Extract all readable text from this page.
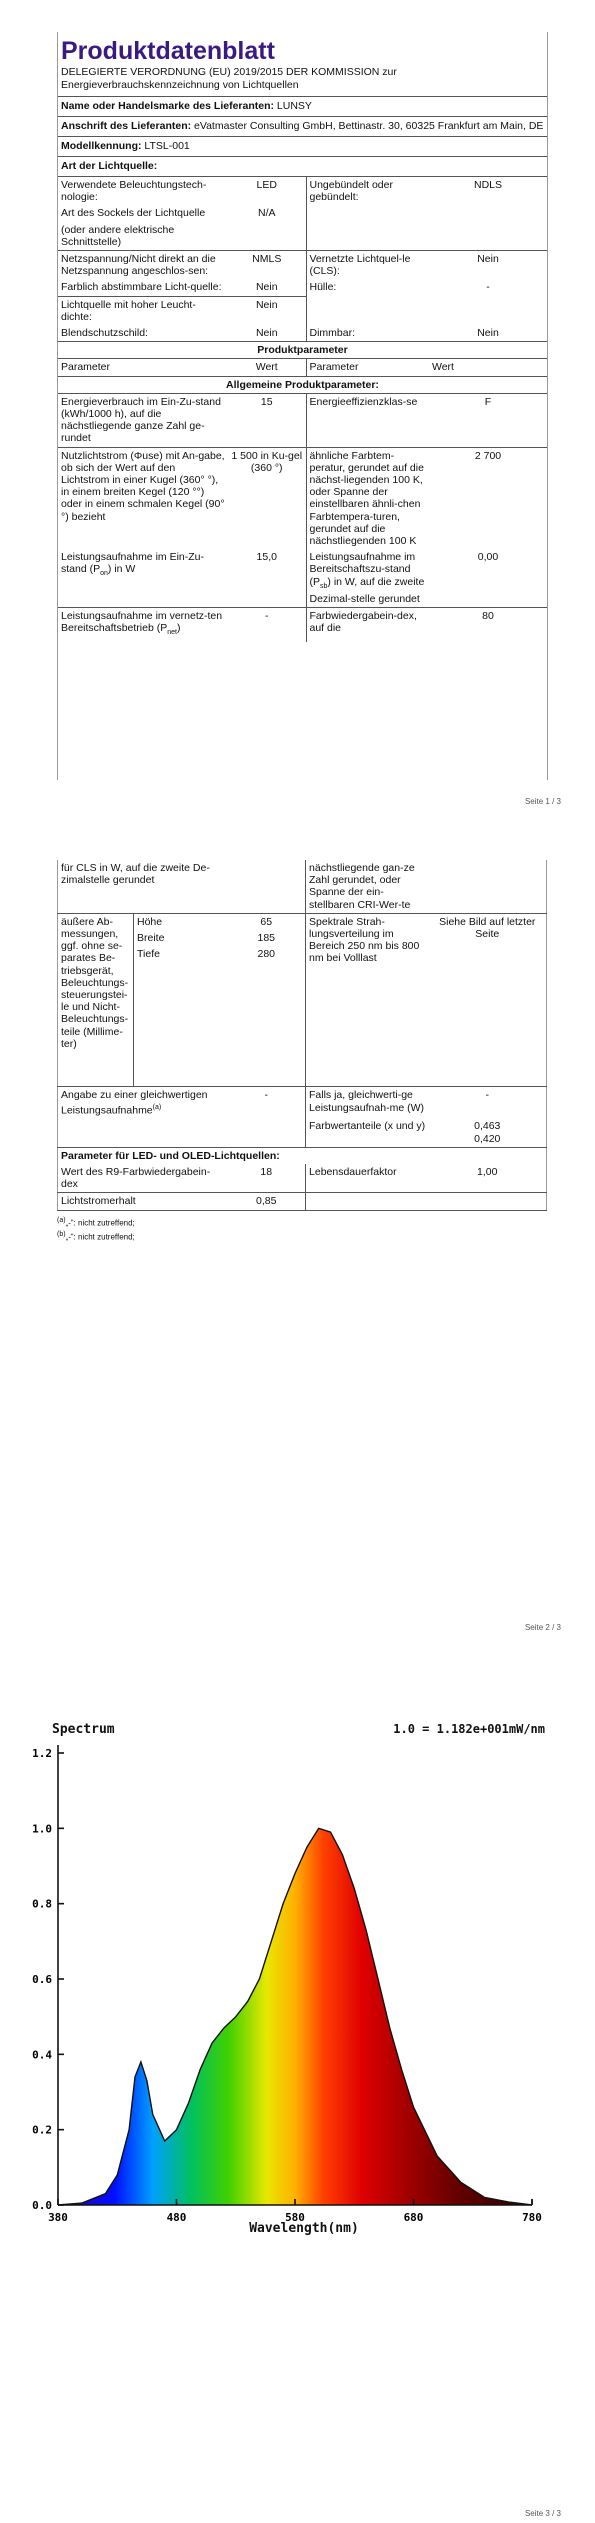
Produktdatenblatt
DELEGIERTE VERORDNUNG (EU) 2019/2015 DER KOMMISSION zur Energieverbrauchskennzeichnung von Lichtquellen
Name oder Handelsmarke des Lieferanten: LUNSY
Anschrift des Lieferanten: eVatmaster Consulting GmbH, Bettinastr. 30, 60325 Frankfurt am Main, DE
Modellkennung: LTSL-001
Art der Lichtquelle:
Verwendete Beleuchtungstech-nologie:	LED	Ungebündelt oder gebündelt:	NDLS
Art des Sockels der Lichtquelle	N/A		
(oder andere elektrische Schnittstelle)			
Netzspannung/Nicht direkt an die Netzspannung angeschlos-sen:	NMLS	Vernetzte Lichtquel-le (CLS):	Nein
Farblich abstimmbare Licht-quelle:	Nein	Hülle:	-
Lichtquelle mit hoher Leucht-dichte:	Nein		
Blendschutzschild:	Nein	Dimmbar:	Nein
Produktparameter			
Parameter	Wert	Parameter	Wert
Allgemeine Produktparameter:			
Energieverbrauch im Ein-Zu-stand (kWh/1000 h), auf die nächstliegende ganze Zahl ge-rundet	15	Energieeffizienzklas-se	F
Nutzlichtstrom (Φuse) mit An-gabe, ob sich der Wert auf den Lichtstrom in einer Kugel (360° °), in einem breiten Kegel (120 °°) oder in einem schmalen Kegel (90° °) bezieht	1 500 in Ku-gel (360 °)	ähnliche Farbtem-peratur, gerundet auf die nächst-liegenden 100 K, oder Spanne der einstellbaren ähnli-chen Farbtempera-turen, gerundet auf die nächstliegenden 100 K	2 700
Leistungsaufnahme im Ein-Zu-stand $(P_{on})$ in W	15,0	Leistungsaufnahme im Bereitschaftszu-stand $(P_{sb})$ in W, auf die zweite Dezimal-stelle gerundet	0,00
Leistungsaufnahme im vernetz-ten Bereitschaftsbetrieb $(P_{net})$	-	Farbwiedergabein-dex, auf die	80
Seite 1 / 3
für CLS in W, auf die zweite De-zimalstelle gerundet			nächstliegende gan-ze Zahl gerundet, oder Spanne der ein-stellbaren CRI-Wer-te	
äußere Ab-messungen, ggf. ohne se-parates Be-triebsgerät, Beleuchtungs-steuerungstei-le und Nicht-Beleuchtungs-teile (Millime-ter)	Höhe	65	Spektrale Strah-lungsverteilung im Bereich 250 nm bis 800 nm bei Volllast	Siehe Bild auf letzter Seite
	Breite	185		
	Tiefe	280		

Angabe zu einer gleichwertigen Leistungsaufnahme$^{(a)}$		-	Falls ja, gleichwerti-ge Leistungsaufnah-me (W)	-
			Farbwertanteile (x und y)	0,463
0,420
Parameter für LED- und OLED-Lichtquellen:				
Wert des R9-Farbwiedergabein-dex		18	Lebensdauerfaktor	1,00
Lichtstromerhalt		0,85		
(a)„-“: nicht zutreffend;
(b)„-“: nicht zutreffend;
Seite 2 / 3
0.0
0.2
0.4
0.6
0.8
1.0
1.2
380	480	580	680	780
Spectrum	1.0 = 1.182e+001mW/nm
Wavelength(nm)
Seite 3 / 3
